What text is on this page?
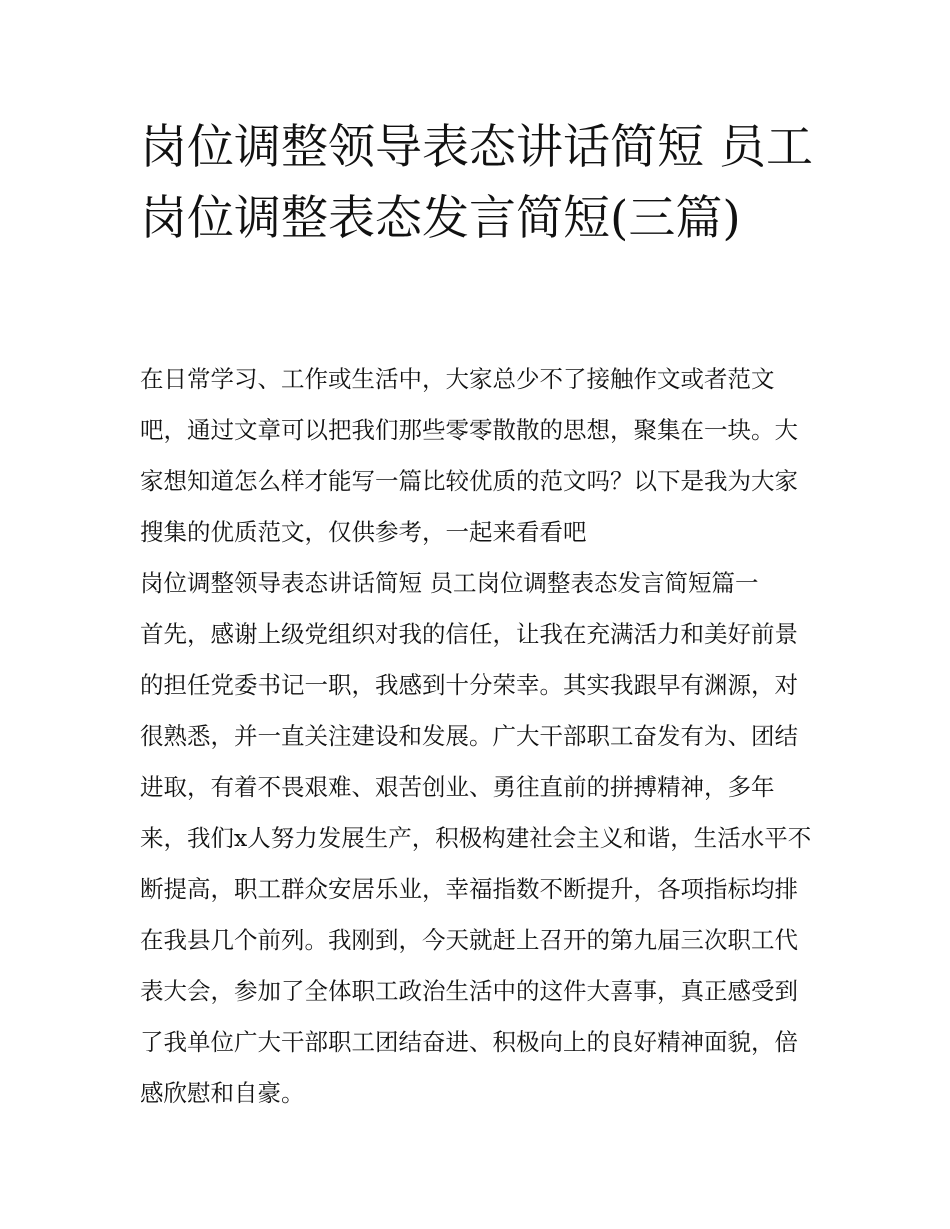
岗位调整领导表态讲话简短 员工岗位调整表态发言简短(三篇)

在日常学习、工作或生活中，大家总少不了接触作文或者范文吧，通过文章可以把我们那些零零散散的思想，聚集在一块。大家想知道怎么样才能写一篇比较优质的范文吗？以下是我为大家搜集的优质范文，仅供参考，一起来看看吧

岗位调整领导表态讲话简短 员工岗位调整表态发言简短篇一

首先，感谢上级党组织对我的信任，让我在充满活力和美好前景的担任党委书记一职，我感到十分荣幸。其实我跟早有渊源，对很熟悉，并一直关注建设和发展。广大干部职工奋发有为、团结进取，有着不畏艰难、艰苦创业、勇往直前的拼搏精神，多年来，我们x人努力发展生产，积极构建社会主义和谐，生活水平不断提高，职工群众安居乐业，幸福指数不断提升，各项指标均排在我县几个前列。我刚到，今天就赶上召开的第九届三次职工代表大会，参加了全体职工政治生活中的这件大喜事，真正感受到了我单位广大干部职工团结奋进、积极向上的良好精神面貌，倍感欣慰和自豪。
